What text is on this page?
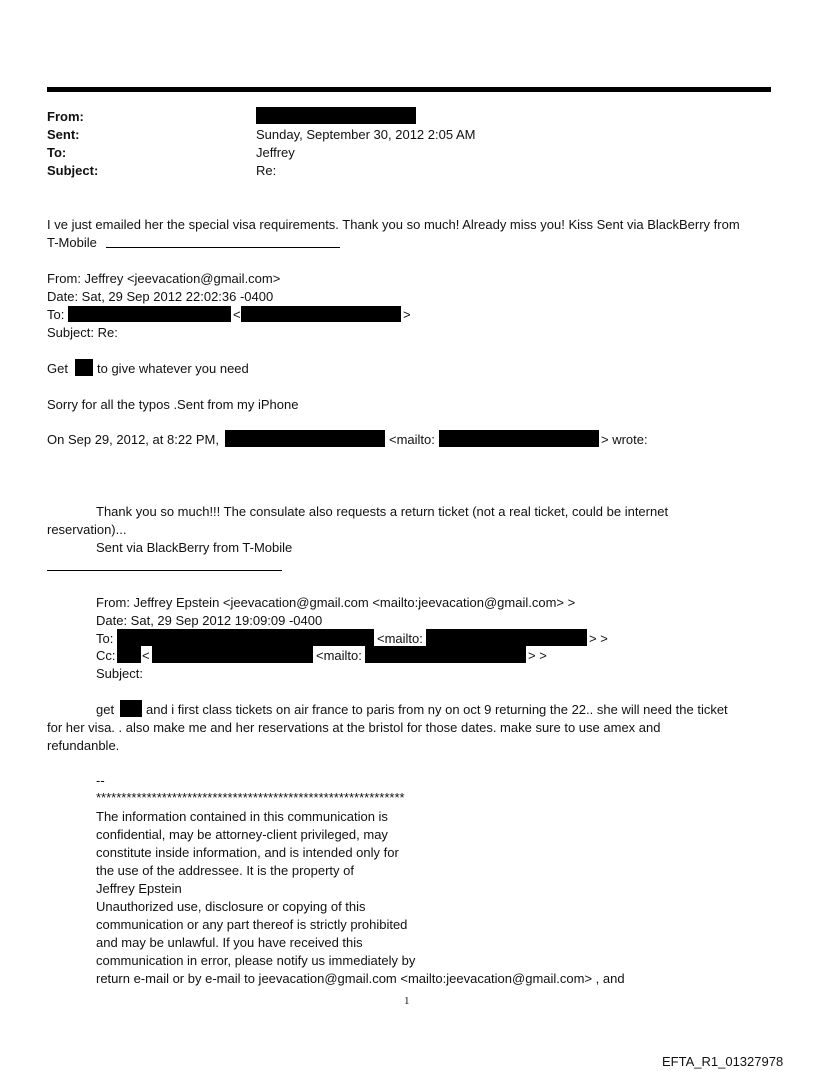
From:
Sent:	Sunday, September 30, 2012 2:05 AM
To:	Jeffrey
Subject:	Re:
I ve just emailed her the special visa requirements. Thank you so much! Already miss you! Kiss Sent via BlackBerry from
T-Mobile
From: Jeffrey <jeevacation@gmail.com>
Date: Sat, 29 Sep 2012 22:02:36 -0400
To:	<	>
Subject: Re:
Get to give whatever you need
Sorry for all the typos .Sent from my iPhone
On Sep 29, 2012, at 8:22 PM,	<mailto:	> wrote:
Thank you so much!!! The consulate also requests a return ticket (not a real ticket, could be internet
reservation)...
Sent via BlackBerry from T-Mobile
From: Jeffrey Epstein <jeevacation@gmail.com <mailto:jeevacation@gmail.com> >
Date: Sat, 29 Sep 2012 19:09:09 -0400
To:	<mailto:	> >
Cc: <	<mailto:	> >
Subject:
get and i first class tickets on air france to paris from ny on oct 9 returning the 22.. she will need the ticket
for her visa. . also make me and her reservations at the bristol for those dates. make sure to use amex and
refundanble.
--
*************************************************************
The information contained in this communication is
confidential, may be attorney-client privileged, may
constitute inside information, and is intended only for
the use of the addressee. It is the property of
Jeffrey Epstein
Unauthorized use, disclosure or copying of this
communication or any part thereof is strictly prohibited
and may be unlawful. If you have received this
communication in error, please notify us immediately by
return e-mail or by e-mail to jeevacation@gmail.com <mailto:jeevacation@gmail.com> , and
1
EFTA_R1_01327978
